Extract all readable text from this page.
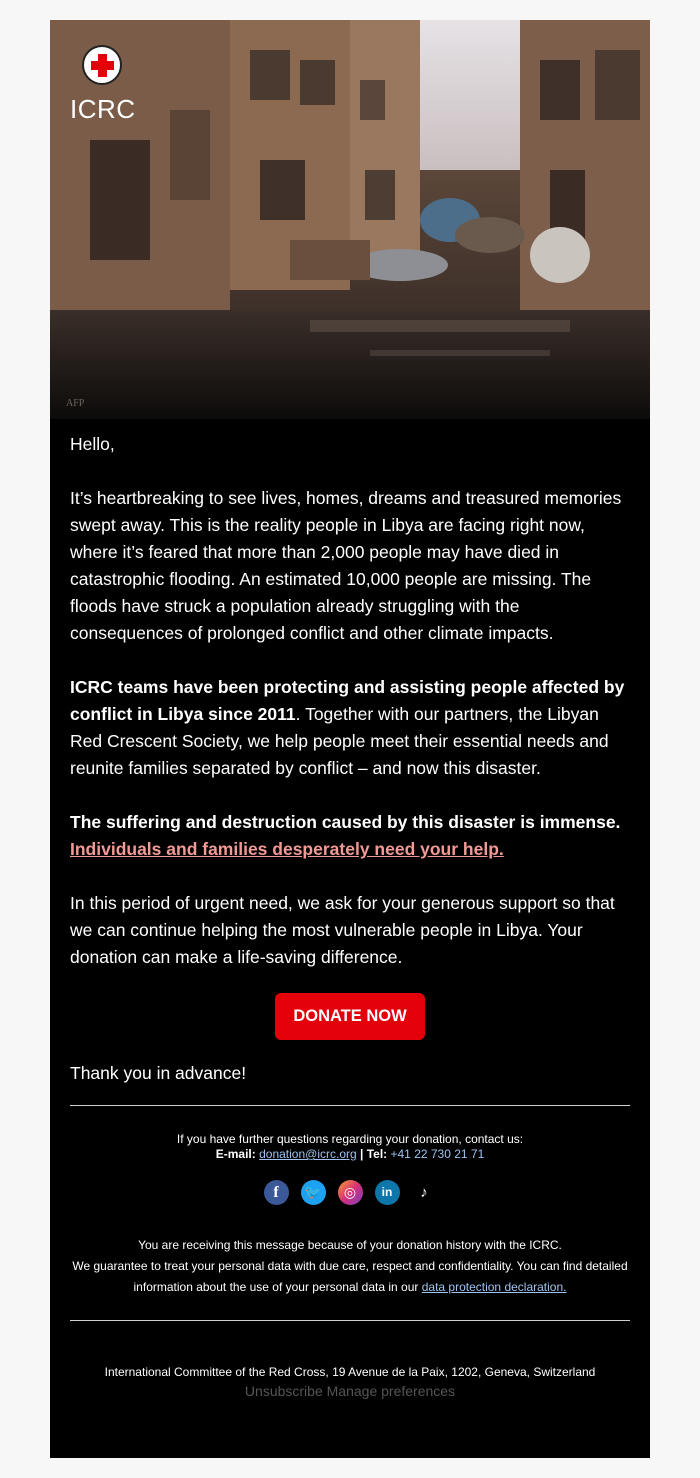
ICRC
AFP

Hello,

It’s heartbreaking to see lives, homes, dreams and treasured memories swept away. This is the reality people in Libya are facing right now, where it’s feared that more than 2,000 people may have died in catastrophic flooding. An estimated 10,000 people are missing. The floods have struck a population already struggling with the consequences of prolonged conflict and other climate impacts.

ICRC teams have been protecting and assisting people affected by conflict in Libya since 2011. Together with our partners, the Libyan Red Crescent Society, we help people meet their essential needs and reunite families separated by conflict – and now this disaster.

The suffering and destruction caused by this disaster is immense. Individuals and families desperately need your help.

In this period of urgent need, we ask for your generous support so that we can continue helping the most vulnerable people in Libya. Your donation can make a life-saving difference.

DONATE NOW

Thank you in advance!

If you have further questions regarding your donation, contact us:
E-mail: donation@icrc.org | Tel: +41 22 730 21 71
f	🐦	◎	in	♪
You are receiving this message because of your donation history with the ICRC.
We guarantee to treat your personal data with due care, respect and confidentiality. You can find detailed information about the use of your personal data in our data protection declaration.
International Committee of the Red Cross, 19 Avenue de la Paix, 1202, Geneva, Switzerland
Unsubscribe Manage preferences
